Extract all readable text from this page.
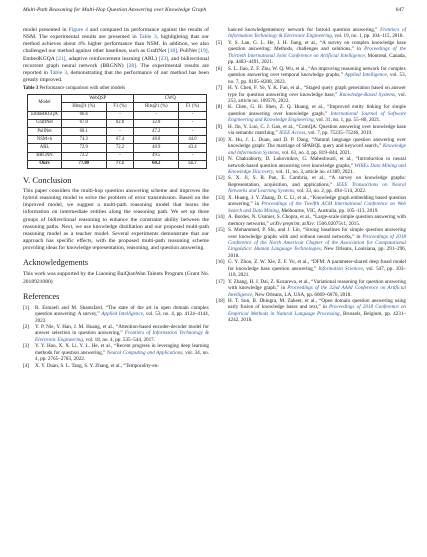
Multi-Path Reasoning for Multi-Hop Question Answering over Knowledge Graph	647

model presented in Figure 4 and compared its performance against the results of NSM. The experimental results are presented in Table 3, highlighting that our method achieves about 4% higher performance than NSM. In addition, we also challenged our method against other baselines, such as GraftNet [18], PullNet [19], EmbedKGQA [21], adaptive reinforcement learning (ARL) [23], and bidirectional recurrent graph neural network (BRGNN) [28]. The experimental results are reported in Table 3, demonstrating that the performance of our method has been greatly improved.

Table 3 Performance comparison with other models
Model	WebQSP		CWQ	
	Hits@1 (%)	F1 (%)	Hits@1 (%)	F1 (%)
EmbedKGQA	66.6	-	-	-
GraftNet	67.8	62.8	32.8	-
PullNet	68.1	-	47.2	-
NSM+h	74.3	67.4	48.8	44.0
ARL	72.9	72.2	48.9	43.4
BRGNN	72.2	-	49.5	-
Ours	77.80	77.1	60.2	51.7
V. Conclusion

This paper considers the multi-hop question answering scheme and improves the hybrid reasoning model to solve the problem of error transmission. Based on the improved model, we suggest a multi-path reasoning model that learns the information on intermediate entities along the reasoning path. We set up three groups of bidirectional reasoning to enhance the constraint ability between the reasoning paths. Next, we use knowledge distillation and our proposed multi-path reasoning model as a teacher model. Several experiments demonstrate that our approach has specific effects, with the proposed multi-path reasoning scheme providing ideas for knowledge representation, reasoning, and question answering.

Acknowledgements

This work was supported by the Liaoning BaiQianWan Talents Program (Grant No. 2018921080)

References
[1] R. Esmaeli and M. Shamsfard, “The state of the art in open domain complex question answering: A survey,” Applied Intelligence, vol. 53, no. 4, pp. 4124–4144, 2023.
[2] Y. P. Nie, Y. Han, J. M. Huang, et al., “Attention-based encoder-decoder model for answer selection in question answering,” Frontiers of Information Technology & Electronic Engineering, vol. 18, no. 4, pp. 535–544, 2017.
[3] Y. Y. Hao, X. X. Li, Y. L. He, et al., “Recent progress in leveraging deep learning methods for question answering,” Neural Computing and Applications, vol. 34, no. 4, pp. 2765–2783, 2022.
[4] X. Y. Duan, S. L. Tang, S. Y. Zhang, et al., “Temporality-en-
hanced knowledgememory network for factoid question answering,” Frontiers of Information Technology & Electronic Engineering, vol. 19, no. 1, pp. 104–115, 2018.
[5] Y. S. Lan, G. L. He, J. H. Jiang, et al., “A survey on complex knowledge base question answering: Methods, challenges and solutions,” in Proceedings of the Thirtieth International Joint Conference on Artificial Intelligence, Montreal, Canada, pp. 4483–4491, 2021.
[6] S. L. Jiao, Z. F. Zhu, W. Q. Wu, et al., “An improving reasoning network for complex question answering over temporal knowledge graphs,” Applied Intelligence, vol. 53, no. 7, pp. 8195–8208, 2023.
[7] H. Y. Chen, F. Ye, Y. K. Fan, et al., “Staged query graph generation based on answer type for question answering over knowledge base,” Knowledge-Based Systems, vol. 253, article no. 109576, 2022.
[8] K. Chen, G. H. Shen, Z. Q. Huang, et al., “Improved entity linking for simple question answering over knowledge graph,” International Journal of Software Engineering and Knowledge Engineering, vol. 31, no. 1, pp. 55–80, 2021.
[9] H. Jin, Y. Luo, C. J. Gao, et al., “ComQA: Question answering over knowledge base via semantic matching,” IEEE Access, vol. 7, pp. 75235–75246, 2019.
[10] X. Hu, J. L. Duan, and D. P. Dang, “Natural language question answering over knowledge graph: The marriage of SPARQL query and keyword search,” Knowledge and Information Systems, vol. 63, no. 4, pp. 819–844, 2021.
[11] N. Chakraborty, D. Lukovnikov, G. Maheshwari, et al., “Introduction to neural network-based question answering over knowledge graphs,” WIREs Data Mining and Knowledge Discovery, vol. 11, no. 3, article no. e1389, 2021.
[12] S. X. Ji, S. R. Pan, E. Cambria, et al., “A survey on knowledge graphs: Representation, acquisition, and applications,” IEEE Transactions on Neural Networks and Learning Systems, vol. 33, no. 2, pp. 494–514, 2022.
[13] X. Huang, J. Y. Zhang, D. C. Li, et al., “Knowledge graph embedding based question answering,” in Proceedings of the Twelfth ACM International Conference on Web Search and Data Mining, Melbourne, VIC, Australia, pp. 105–113, 2019.
[14] A. Bordes, N. Usunier, S. Chopra, et al., “Large-scale simple question answering with memory networks,” arXiv preprint, arXiv: 1506.02075v1, 2015.
[15] S. Mohammed, P. Shi, and J. Lin, “Strong baselines for simple question answering over knowledge graphs with and without neural networks,” in Proceedings of 2018 Conference of the North American Chapter of the Association for Computational Linguistics: Human Language Technologies, New Orleans, Louisiana, pp. 291–296, 2018.
[16] G. Y. Zhou, Z. W. Xie, Z. F. Yu, et al., “DFM: A parameter-shared deep fused model for knowledge base question answering,” Information Sciences, vol. 547, pp. 103–118, 2021.
[17] Y. Zhang, H. J. Dai, Z. Kozareva, et al., “Variational reasoning for question answering with knowledge graph,” in Proceedings of the 32nd AAAI Conference on Artificial Intelligence, New Orleans, LA, USA, pp. 6069–6076, 2018.
[18] H. T. Sun, B. Dhingra, M. Zaheer, et al., “Open domain question answering using early fusion of knowledge bases and text,” in Proceedings of 2018 Conference on Empirical Methods in Natural Language Processing, Brussels, Belgium, pp. 4231–4242, 2018.
